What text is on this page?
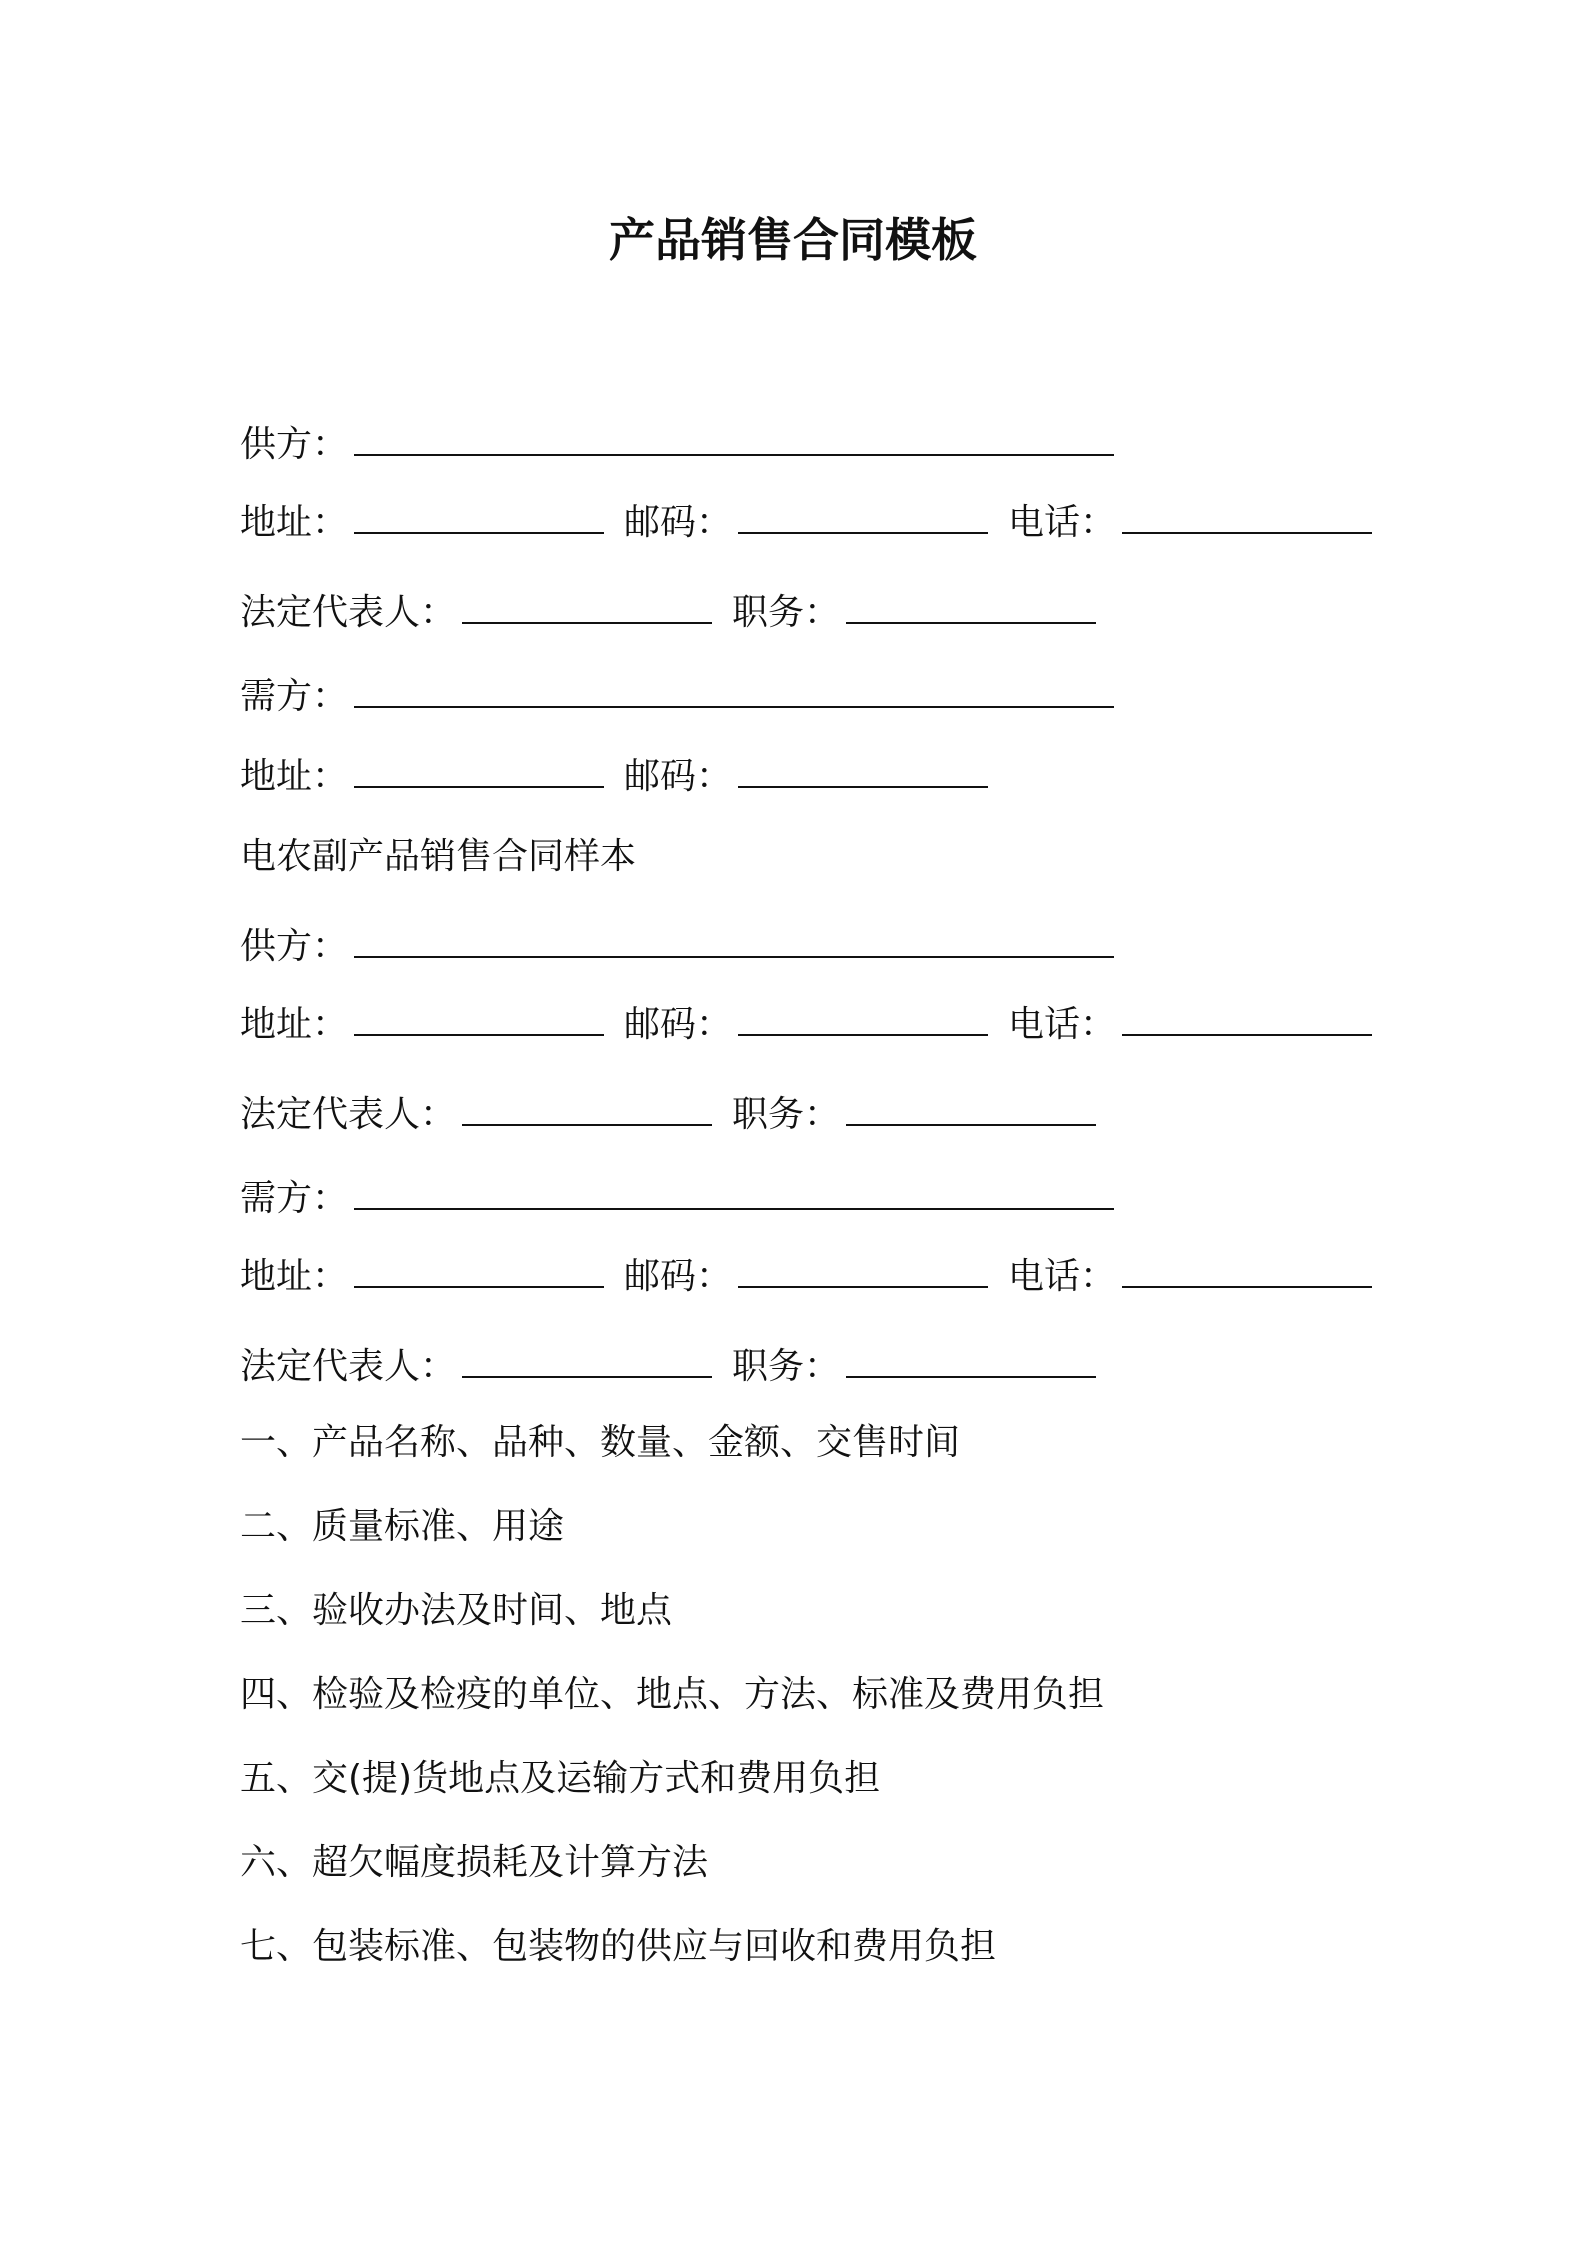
产品销售合同模板
供方：
地址：	邮码：	电话：
法定代表人：	职务：
需方：
地址：	邮码：
电农副产品销售合同样本
供方：
地址：	邮码：	电话：
法定代表人：	职务：
需方：
地址：	邮码：	电话：
法定代表人：	职务：
一、产品名称、品种、数量、金额、交售时间
二、质量标准、用途
三、验收办法及时间、地点
四、检验及检疫的单位、地点、方法、标准及费用负担
五、交(提)货地点及运输方式和费用负担
六、超欠幅度损耗及计算方法
七、包装标准、包装物的供应与回收和费用负担
